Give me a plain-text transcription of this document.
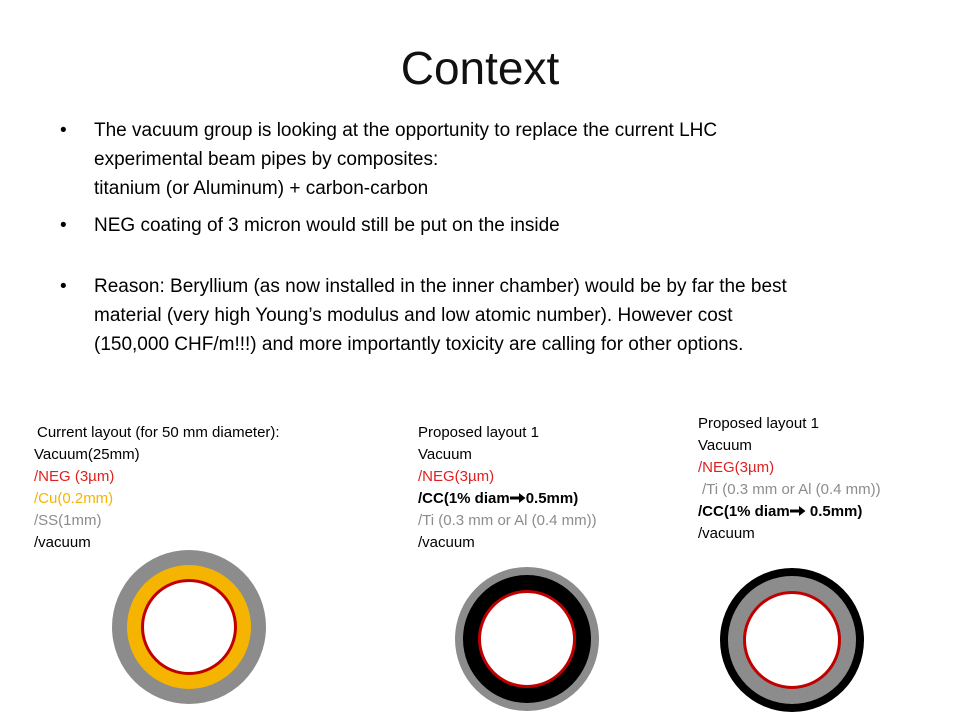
Context
• The vacuum group is looking at the opportunity to replace the current LHC
experimental beam pipes by composites:
titanium (or Aluminum) + carbon-carbon
• NEG coating of 3 micron would still be put on the inside
• Reason: Beryllium (as now installed in the inner chamber) would be by far the best
material (very high Young’s modulus and low atomic number). However cost
(150,000 CHF/m!!!) and more importantly toxicity are calling for other options.
Current layout (for 50 mm diameter):
Vacuum(25mm)
/NEG (3µm)
/Cu(0.2mm)
/SS(1mm)
/vacuum
Proposed layout 1
Vacuum
/NEG(3µm)
/CC(1% diam 0.5mm)
/Ti (0.3 mm or Al (0.4 mm))
/vacuum
Proposed layout 1
Vacuum
/NEG(3µm)
/Ti (0.3 mm or Al (0.4 mm))
/CC(1% diam 0.5mm)
/vacuum
